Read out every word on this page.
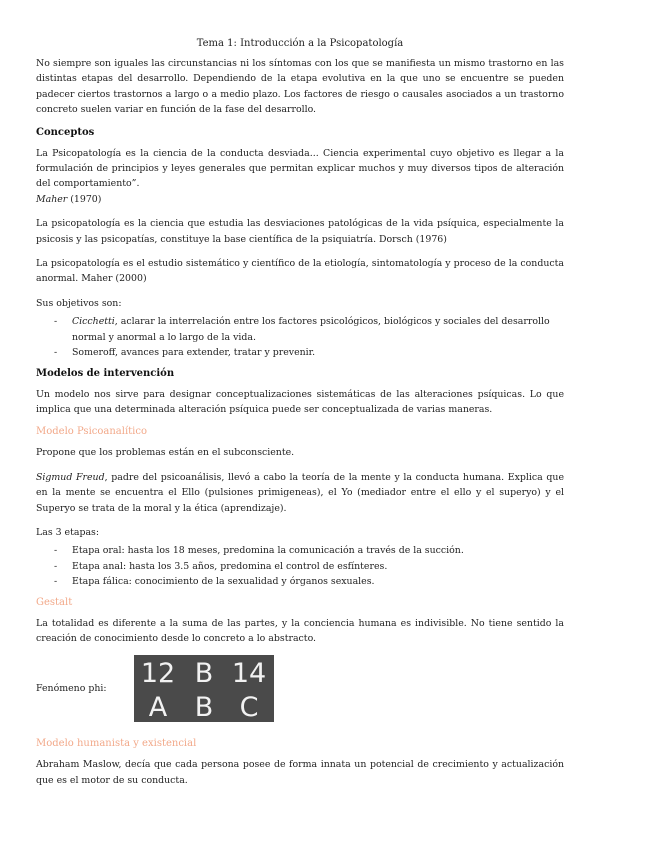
Tema 1: Introducción a la Psicopatología

No siempre son iguales las circunstancias ni los síntomas con los que se manifiesta un mismo trastorno en las distintas etapas del desarrollo. Dependiendo de la etapa evolutiva en la que uno se encuentre se pueden padecer ciertos trastornos a largo o a medio plazo. Los factores de riesgo o causales asociados a un trastorno concreto suelen variar en función de la fase del desarrollo.

Conceptos

La Psicopatología es la ciencia de la conducta desviada... Ciencia experimental cuyo objetivo es llegar a la formulación de principios y leyes generales que permitan explicar muchos y muy diversos tipos de alteración del comportamiento”.
Maher (1970)

La psicopatología es la ciencia que estudia las desviaciones patológicas de la vida psíquica, especialmente la psicosis y las psicopatías, constituye la base científica de la psiquiatría. Dorsch (1976)

La psicopatología es el estudio sistemático y científico de la etiología, sintomatología y proceso de la conducta anormal. Maher (2000)

Sus objetivos son:

- Cicchetti, aclarar la interrelación entre los factores psicológicos, biológicos y sociales del desarrollo normal y anormal a lo largo de la vida.
- Someroff, avances para extender, tratar y prevenir.
Modelos de intervención

Un modelo nos sirve para designar conceptualizaciones sistemáticas de las alteraciones psíquicas. Lo que implica que una determinada alteración psíquica puede ser conceptualizada de varias maneras.

Modelo Psicoanalítico

Propone que los problemas están en el subconsciente.

Sigmud Freud, padre del psicoanálisis, llevó a cabo la teoría de la mente y la conducta humana. Explica que en la mente se encuentra el Ello (pulsiones primigeneas), el Yo (mediador entre el ello y el superyo) y el Superyo se trata de la moral y la ética (aprendizaje).

Las 3 etapas:

- Etapa oral: hasta los 18 meses, predomina la comunicación a través de la succión.
- Etapa anal: hasta los 3.5 años, predomina el control de esfínteres.
- Etapa fálica: conocimiento de la sexualidad y órganos sexuales.
Gestalt

La totalidad es diferente a la suma de las partes, y la conciencia humana es indivisible. No tiene sentido la creación de conocimiento desde lo concreto a lo abstracto.

Fenómeno phi:	12 B 14
A B C
Modelo humanista y existencial

Abraham Maslow, decía que cada persona posee de forma innata un potencial de crecimiento y actualización que es el motor de su conducta.
